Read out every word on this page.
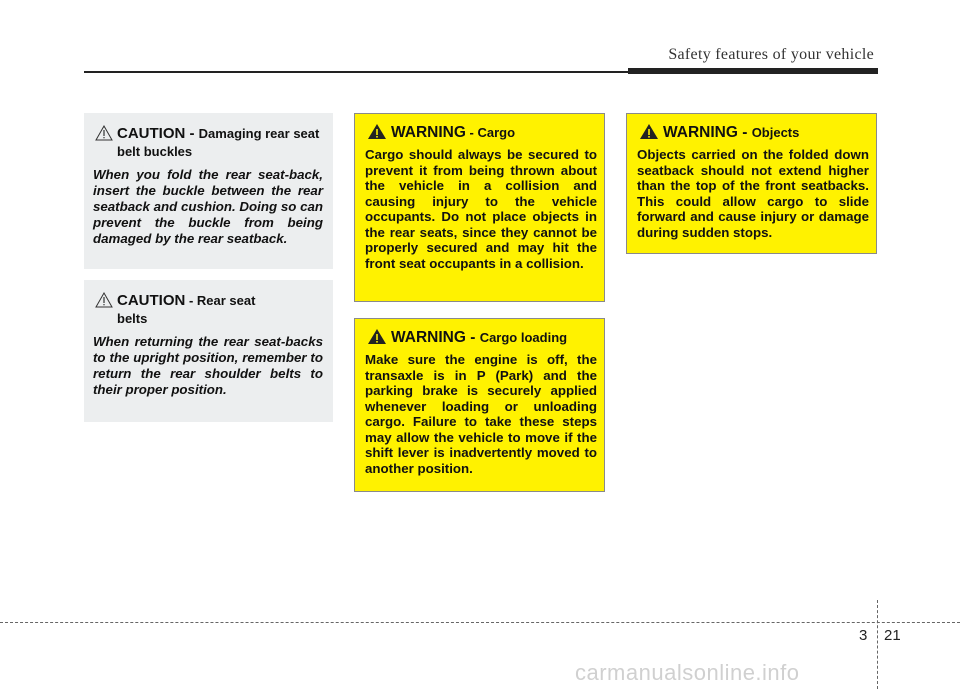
Safety features of your vehicle
CAUTION - Damaging rear seat belt buckles
When you fold the rear seat-back, insert the buckle between the rear seatback and cushion. Doing so can prevent the buckle from being damaged by the rear seatback.
CAUTION - Rear seat belts
When returning the rear seat-backs to the upright position, remember to return the rear shoulder belts to their proper position.
WARNING - Cargo
Cargo should always be secured to prevent it from being thrown about the vehicle in a collision and causing injury to the vehicle occupants. Do not place objects in the rear seats, since they cannot be properly secured and may hit the front seat occupants in a collision.
WARNING - Cargo loading
Make sure the engine is off, the transaxle is in P (Park) and the parking brake is securely applied whenever loading or unloading cargo. Failure to take these steps may allow the vehicle to move if the shift lever is inadvertently moved to another position.
WARNING - Objects
Objects carried on the folded down seatback should not extend higher than the top of the front seatbacks. This could allow cargo to slide forward and cause injury or damage during sudden stops.
3 21
carmanualsonline.info
